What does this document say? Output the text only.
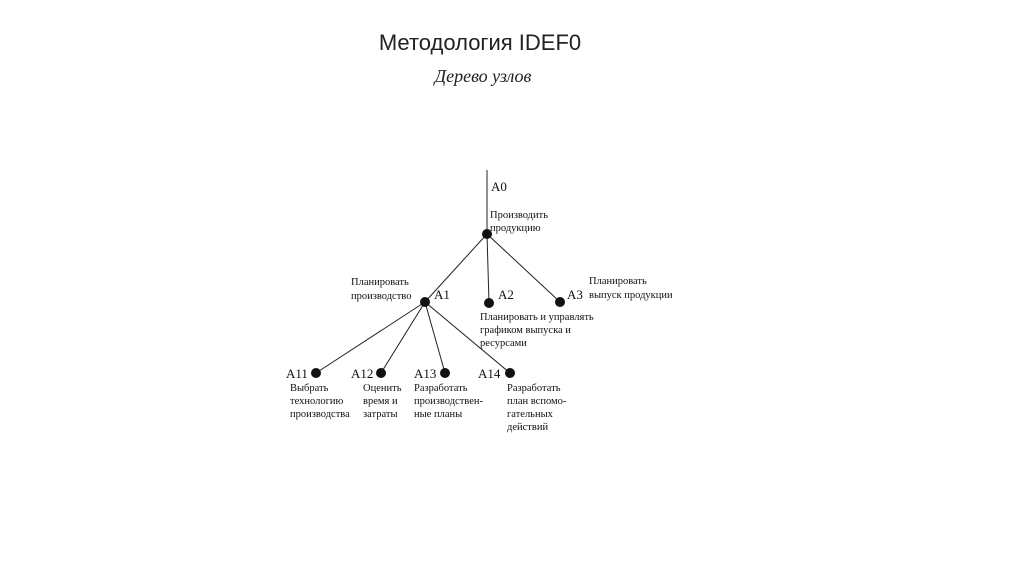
Методология IDEF0
Дерево узлов
A0
Производить
продукцию
A1
Планировать
производство	A2
Планировать и управлять
графиком выпуска и
ресурсами
A3
Планировать
выпуск продукции
A11
Выбрать
технологию
производства
A12
Оценить
время и
затраты
A13
Разработать
производствен-
ные планы
A14
Разработать
план вспомо-
гательных
действий
